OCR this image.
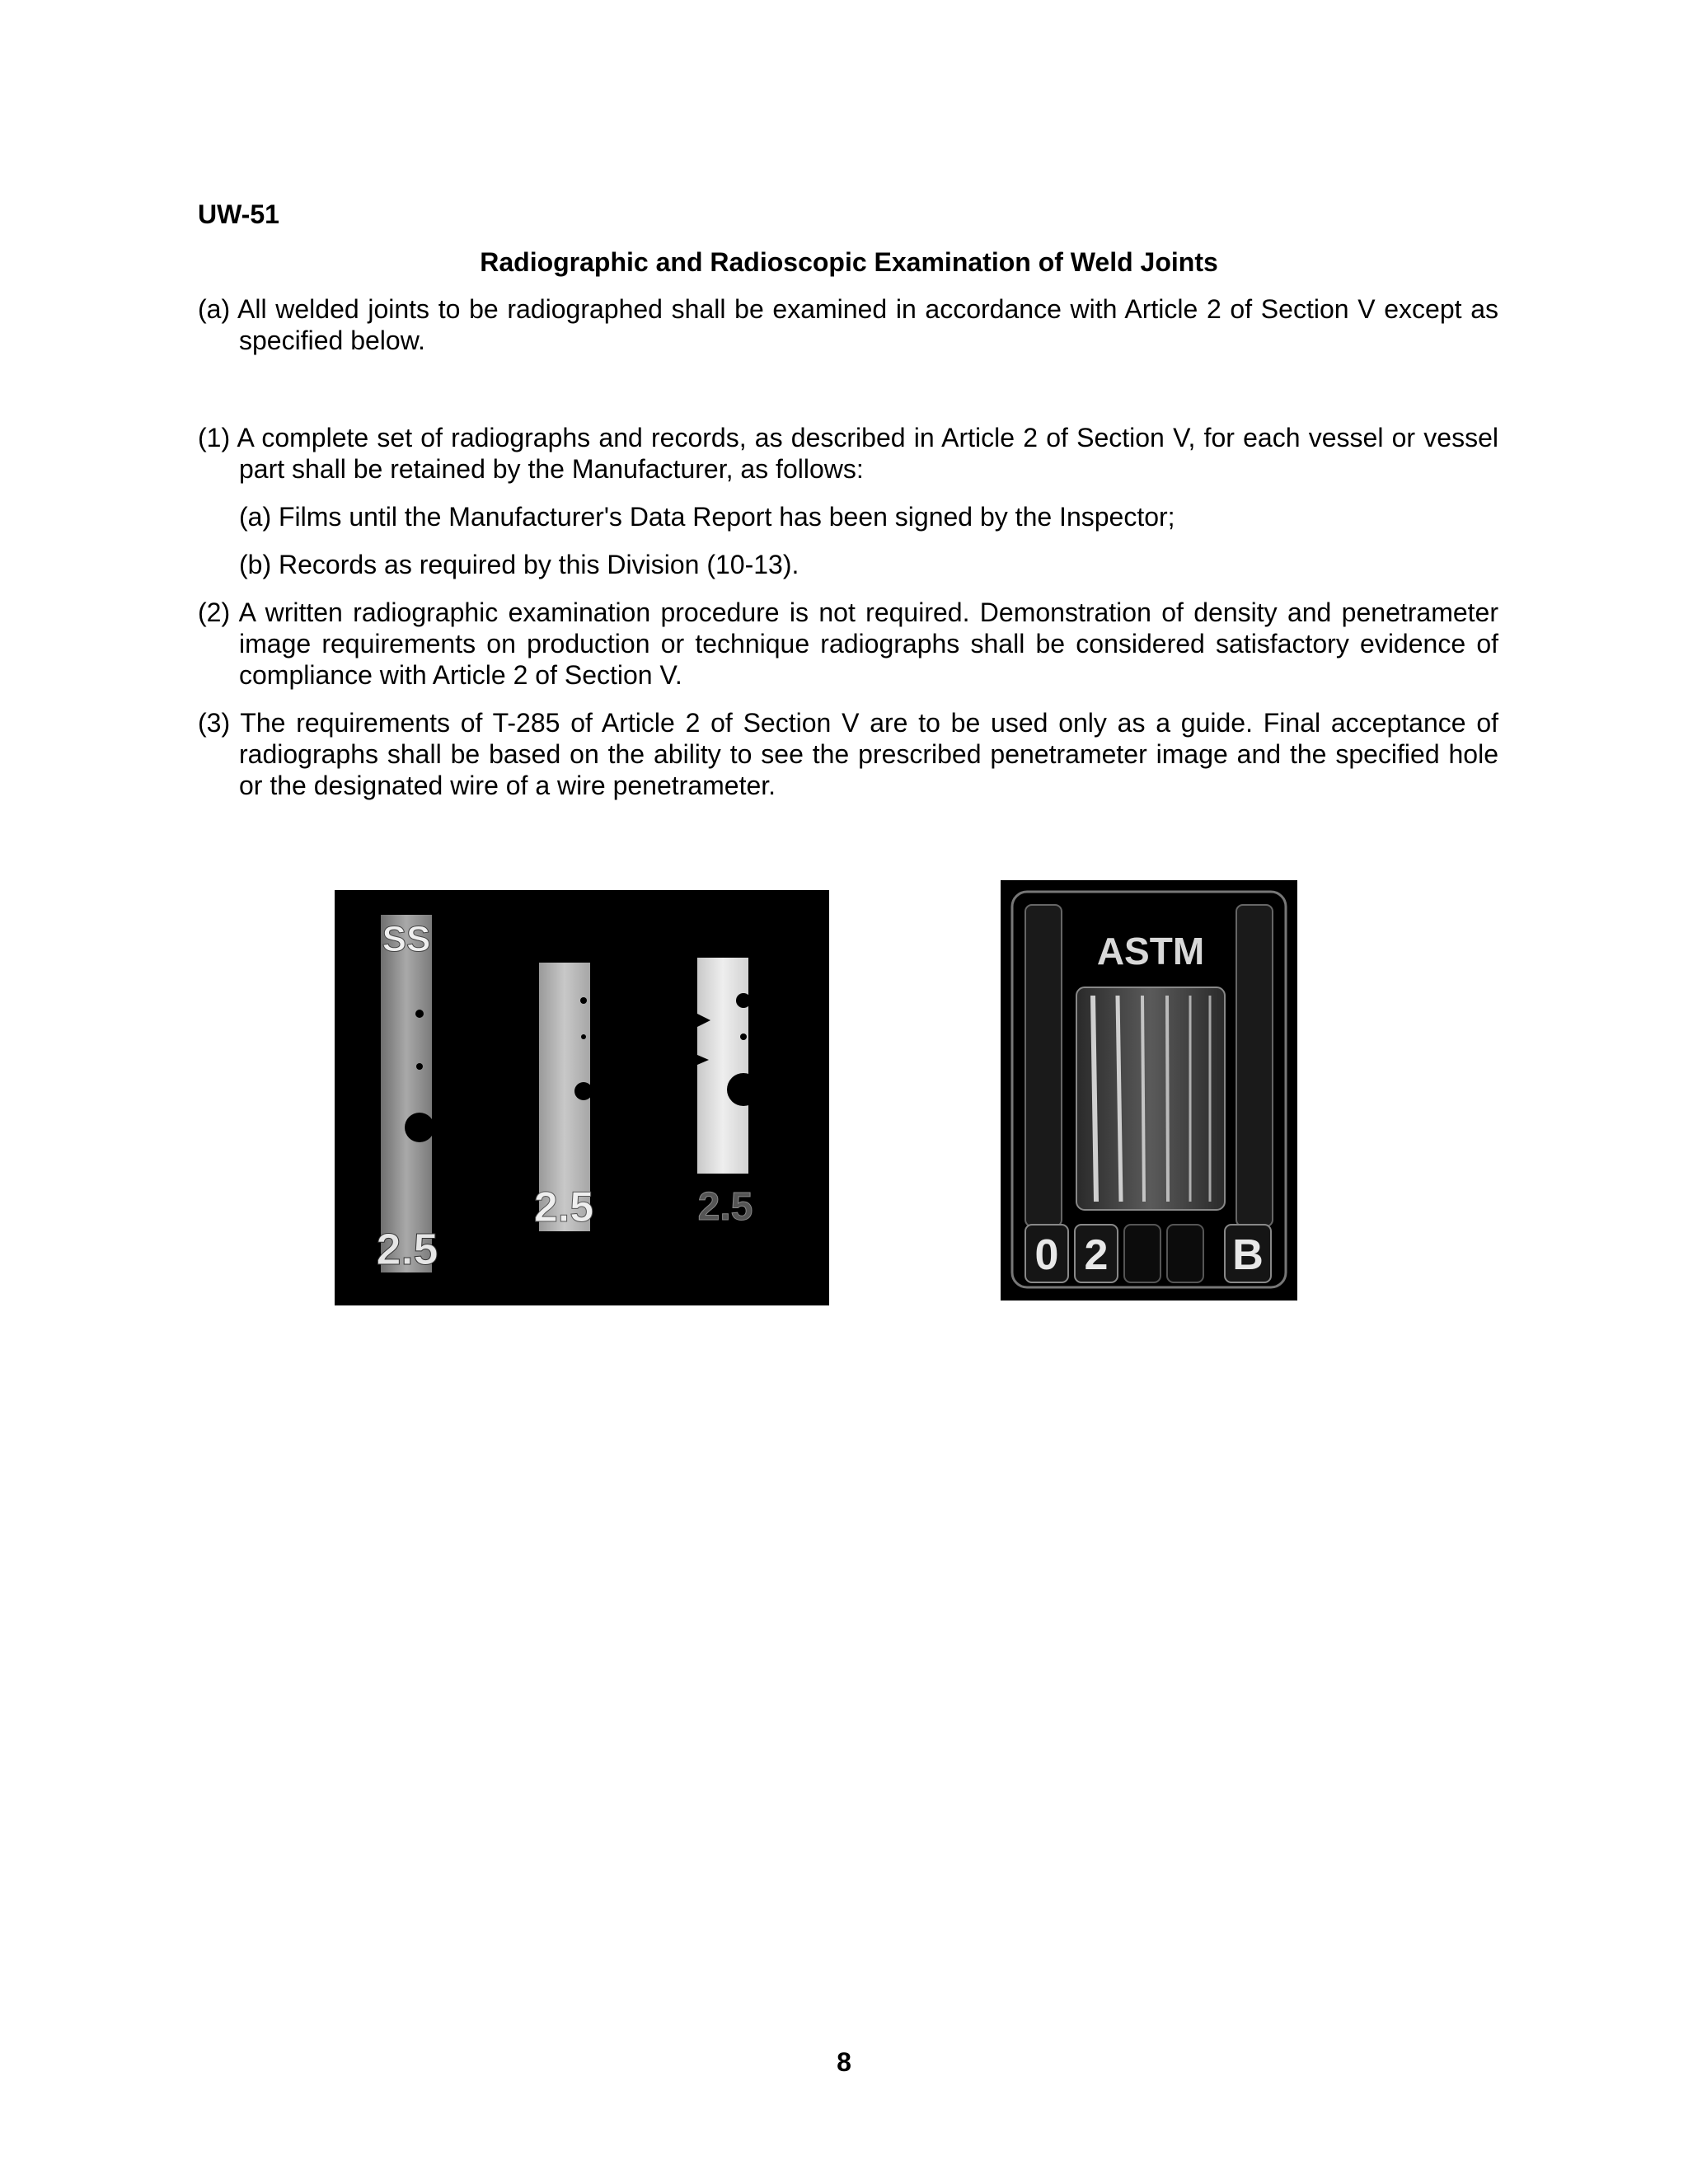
UW-51
Radiographic and Radioscopic Examination of Weld Joints
(a) All welded joints to be radiographed shall be examined in accordance with Article 2 of Section V except as specified below.
(1) A complete set of radiographs and records, as described in Article 2 of Section V, for each vessel or vessel part shall be retained by the Manufacturer, as follows:
(a) Films until the Manufacturer's Data Report has been signed by the Inspector;
(b) Records as required by this Division (10-13).
(2) A written radiographic examination procedure is not required. Demonstration of density and penetrameter image requirements on production or technique radiographs shall be considered satisfactory evidence of compliance with Article 2 of Section V.
(3) The requirements of T-285 of Article 2 of Section V are to be used only as a guide. Final acceptance of radiographs shall be based on the ability to see the prescribed penetrameter image and the specified hole or the designated wire of a wire penetrameter.
SS
2.5
2.5	2.5
ASTM
0 2	B
8
